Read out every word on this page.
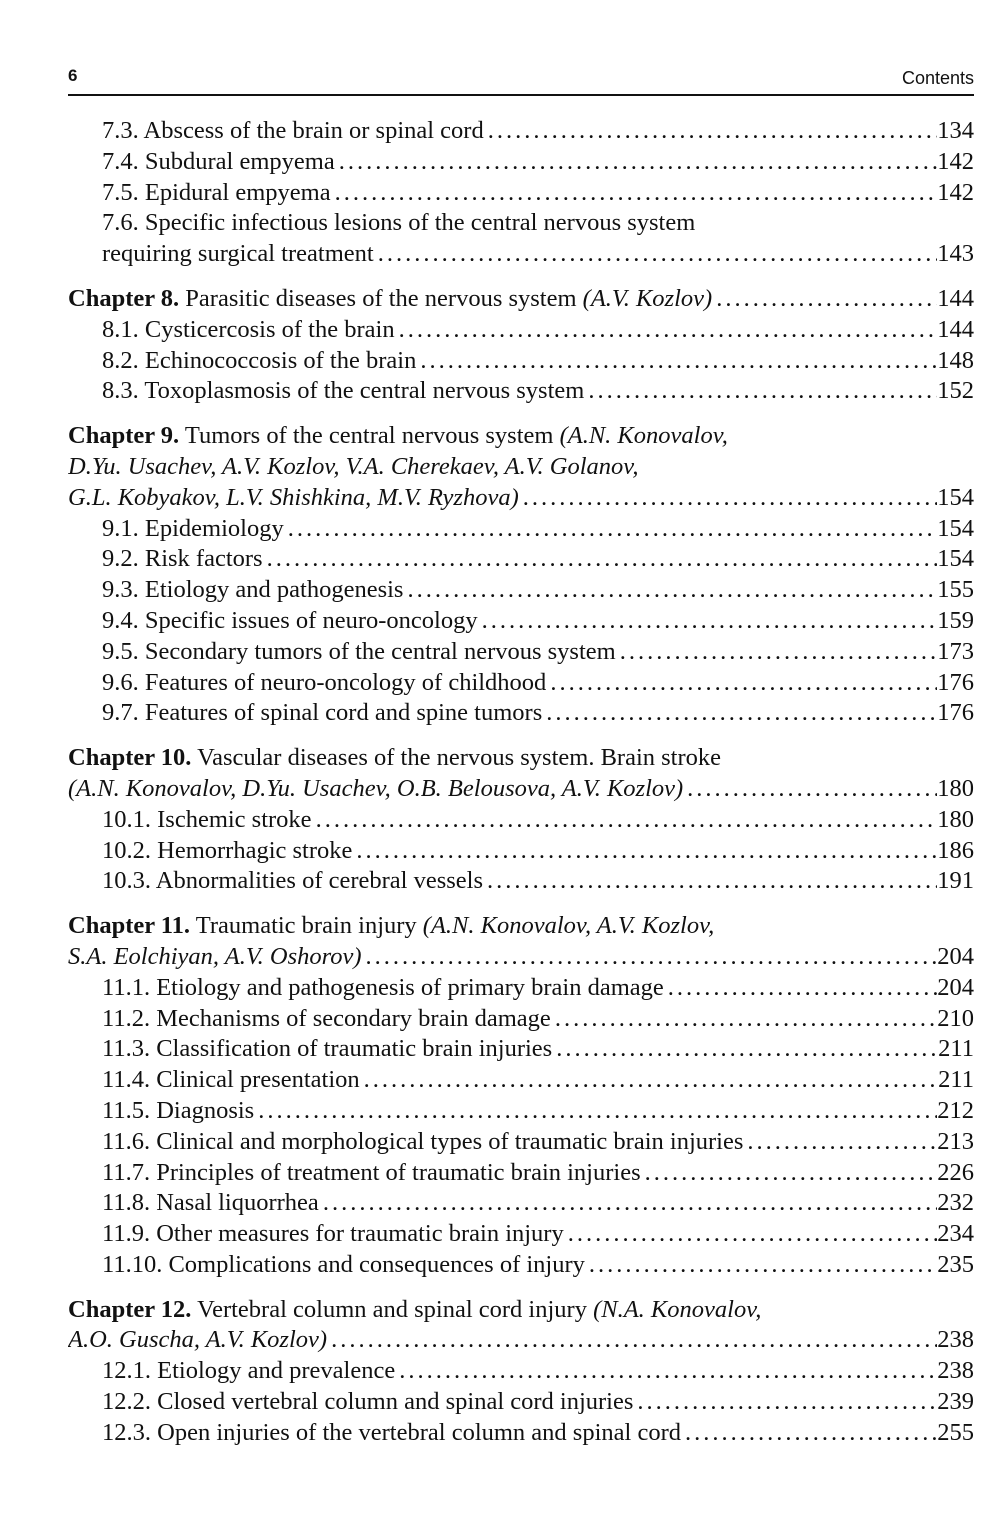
6	Contents
7.3. Abscess of the brain or spinal cord .....	134
7.4. Subdural empyema .....	142
7.5. Epidural empyema .....	142
7.6. Specific infectious lesions of the central nervous system
requiring surgical treatment .....	143
Chapter 8. Parasitic diseases of the nervous system (A.V. Kozlov) .....	144
8.1. Cysticercosis of the brain .....	144
8.2. Echinococcosis of the brain .....	148
8.3. Toxoplasmosis of the central nervous system .....	152
Chapter 9. Tumors of the central nervous system (A.N. Konovalov,
D.Yu. Usachev, A.V. Kozlov, V.A. Cherekaev, A.V. Golanov,
G.L. Kobyakov, L.V. Shishkina, M.V. Ryzhova) .....	154
9.1. Epidemiology .....	154
9.2. Risk factors .....	154
9.3. Etiology and pathogenesis .....	155
9.4. Specific issues of neuro-oncology .....	159
9.5. Secondary tumors of the central nervous system .....	173
9.6. Features of neuro-oncology of childhood .....	176
9.7. Features of spinal cord and spine tumors .....	176
Chapter 10. Vascular diseases of the nervous system. Brain stroke
(A.N. Konovalov, D.Yu. Usachev, O.B. Belousova, A.V. Kozlov) .....	180
10.1. Ischemic stroke .....	180
10.2. Hemorrhagic stroke .....	186
10.3. Abnormalities of cerebral vessels .....	191
Chapter 11. Traumatic brain injury (A.N. Konovalov, A.V. Kozlov,
S.A. Eolchiyan, A.V. Oshorov) .....	204
11.1. Etiology and pathogenesis of primary brain damage .....	204
11.2. Mechanisms of secondary brain damage .....	210
11.3. Classification of traumatic brain injuries .....	211
11.4. Clinical presentation .....	211
11.5. Diagnosis .....	212
11.6. Clinical and morphological types of traumatic brain injuries .....	213
11.7. Principles of treatment of traumatic brain injuries .....	226
11.8. Nasal liquorrhea .....	232
11.9. Other measures for traumatic brain injury .....	234
11.10. Complications and consequences of injury .....	235
Chapter 12. Vertebral column and spinal cord injury (N.A. Konovalov,
A.O. Guscha, A.V. Kozlov) .....	238
12.1. Etiology and prevalence .....	238
12.2. Closed vertebral column and spinal cord injuries .....	239
12.3. Open injuries of the vertebral column and spinal cord .....	255
